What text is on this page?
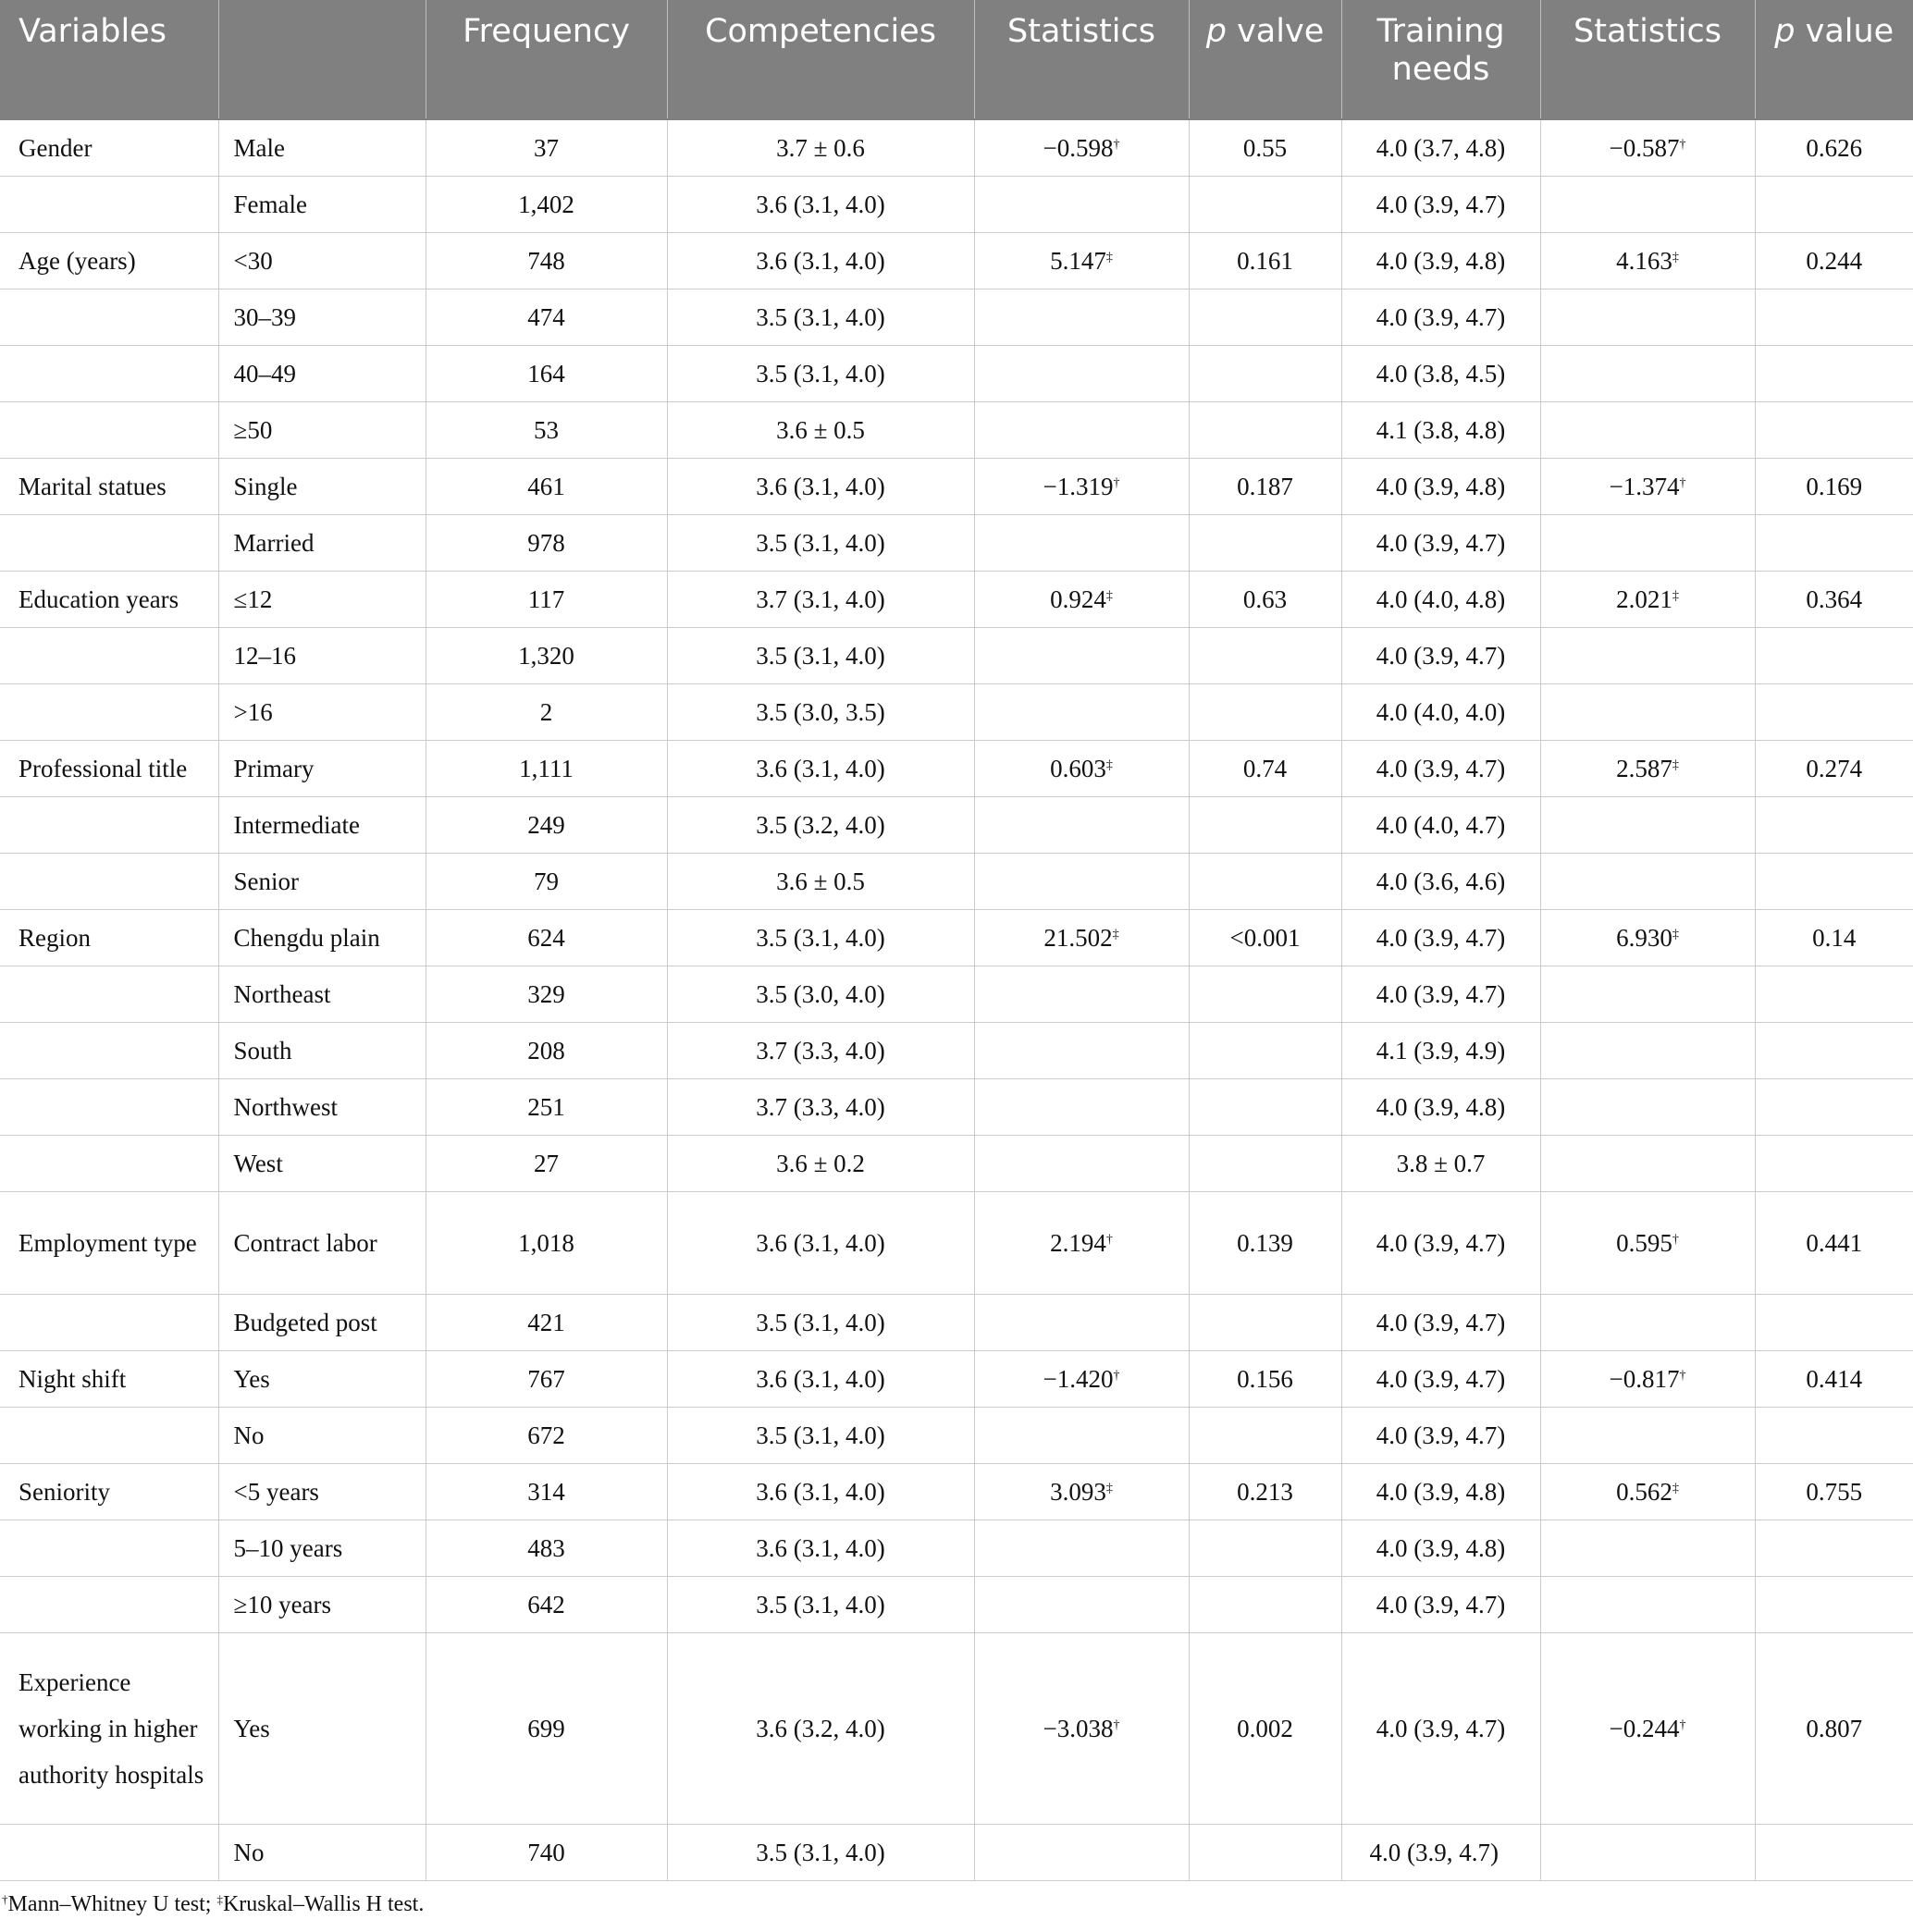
Variables		Frequency	Competencies	Statistics	p valve	Training needs	Statistics	p value
Gender	Male	37	3.7 ± 0.6	−0.598†	0.55	4.0 (3.7, 4.8)	−0.587†	0.626
	Female	1,402	3.6 (3.1, 4.0)			4.0 (3.9, 4.7)		
Age (years)	<30	748	3.6 (3.1, 4.0)	5.147‡	0.161	4.0 (3.9, 4.8)	4.163‡	0.244
	30–39	474	3.5 (3.1, 4.0)			4.0 (3.9, 4.7)		
	40–49	164	3.5 (3.1, 4.0)			4.0 (3.8, 4.5)		
	≥50	53	3.6 ± 0.5			4.1 (3.8, 4.8)		
Marital statues	Single	461	3.6 (3.1, 4.0)	−1.319†	0.187	4.0 (3.9, 4.8)	−1.374†	0.169
	Married	978	3.5 (3.1, 4.0)			4.0 (3.9, 4.7)		
Education years	≤12	117	3.7 (3.1, 4.0)	0.924‡	0.63	4.0 (4.0, 4.8)	2.021‡	0.364
	12–16	1,320	3.5 (3.1, 4.0)			4.0 (3.9, 4.7)		
	>16	2	3.5 (3.0, 3.5)			4.0 (4.0, 4.0)		
Professional title	Primary	1,111	3.6 (3.1, 4.0)	0.603‡	0.74	4.0 (3.9, 4.7)	2.587‡	0.274
	Intermediate	249	3.5 (3.2, 4.0)			4.0 (4.0, 4.7)		
	Senior	79	3.6 ± 0.5			4.0 (3.6, 4.6)		
Region	Chengdu plain	624	3.5 (3.1, 4.0)	21.502‡	<0.001	4.0 (3.9, 4.7)	6.930‡	0.14
	Northeast	329	3.5 (3.0, 4.0)			4.0 (3.9, 4.7)		
	South	208	3.7 (3.3, 4.0)			4.1 (3.9, 4.9)		
	Northwest	251	3.7 (3.3, 4.0)			4.0 (3.9, 4.8)		
	West	27	3.6 ± 0.2			3.8 ± 0.7		
Employment type	Contract labor	1,018	3.6 (3.1, 4.0)	2.194†	0.139	4.0 (3.9, 4.7)	0.595†	0.441
	Budgeted post	421	3.5 (3.1, 4.0)			4.0 (3.9, 4.7)		
Night shift	Yes	767	3.6 (3.1, 4.0)	−1.420†	0.156	4.0 (3.9, 4.7)	−0.817†	0.414
	No	672	3.5 (3.1, 4.0)			4.0 (3.9, 4.7)		
Seniority	<5 years	314	3.6 (3.1, 4.0)	3.093‡	0.213	4.0 (3.9, 4.8)	0.562‡	0.755
	5–10 years	483	3.6 (3.1, 4.0)			4.0 (3.9, 4.8)		
	≥10 years	642	3.5 (3.1, 4.0)			4.0 (3.9, 4.7)		
Experience working in higher authority hospitals	Yes	699	3.6 (3.2, 4.0)	−3.038†	0.002	4.0 (3.9, 4.7)	−0.244†	0.807
	No	740	3.5 (3.1, 4.0)			4.0 (3.9, 4.7)		
†Mann–Whitney U test; ‡Kruskal–Wallis H test.
